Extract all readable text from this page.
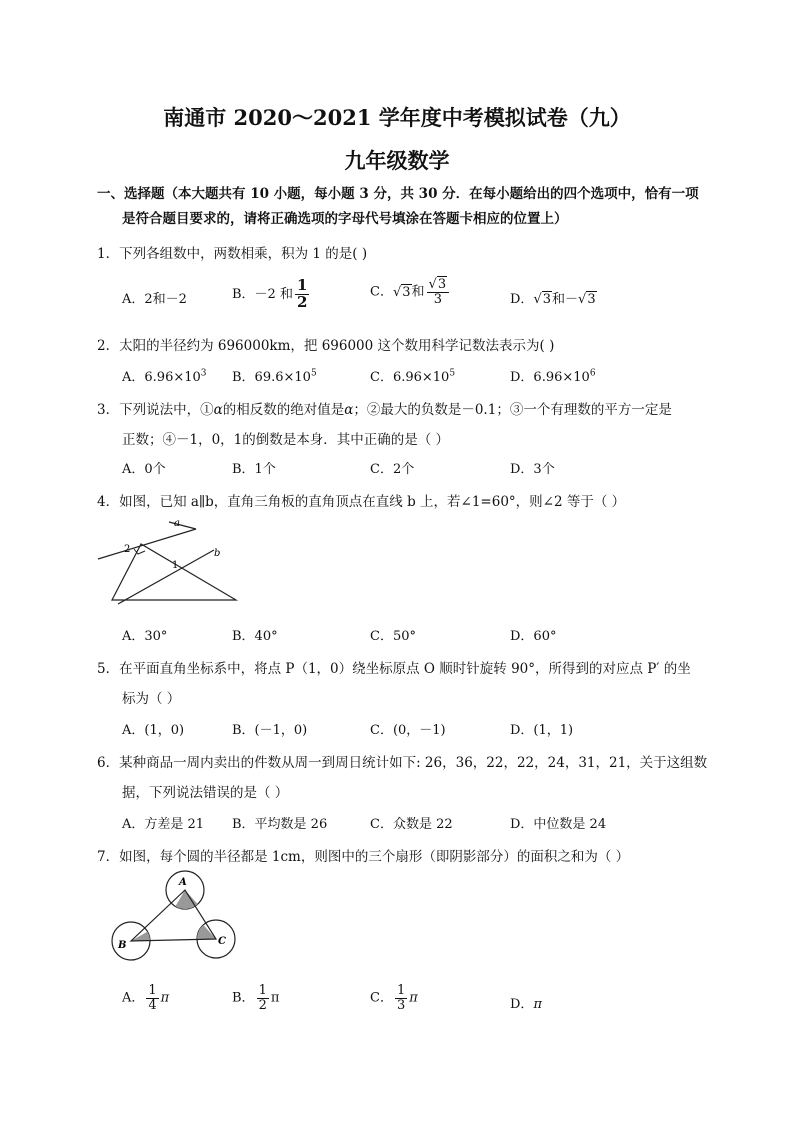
南通市 2020～2021 学年度中考模拟试卷（九）
九年级数学
一、选择题（本大题共有 10 小题，每小题 3 分，共 30 分．在每小题给出的四个选项中，恰有一项
是符合题目要求的，请将正确选项的字母代号填涂在答题卡相应的位置上）
1．下列各组数中，两数相乘，积为 1 的是( )
A．2和－2	B．－2 和 $\frac{1}{2}$	C．√3和 $\frac{√3}{3}$	D．√3和－√3
2．太阳的半径约为 696000km，把 696000 这个数用科学记数法表示为( )
A．$6.96\times 10^3$ B．$69.6\times 10^5$	C．$6.96\times 10^5$	D．$6.96\times 10^6$
3．下列说法中，①α的相反数的绝对值是α；②最大的负数是－0.1；③一个有理数的平方一定是
正数；④－1，0，1的倒数是本身．其中正确的是（ ）
A．0个	B．1个	C．2个	D．3个
4．如图，已知 a∥b，直角三角板的直角顶点在直线 b 上，若∠1=60°，则∠2 等于（ ）
a
b
2
1
A．30°	B．40°	C．50°	D．60°
5．在平面直角坐标系中，将点 P（1，0）绕坐标原点 O 顺时针旋转 90°，所得到的对应点 P′ 的坐
标为（ ）
A．(1，0)	B．(－1，0)	C．(0，－1)	D．(1，1)
6．某种商品一周内卖出的件数从周一到周日统计如下: 26，36，22，22，24，31，21，关于这组数
据，下列说法错误的是（ ）
A．方差是 21 B．平均数是 26	C．众数是 22	D．中位数是 24
7．如图，每个圆的半径都是 1cm，则图中的三个扇形（即阴影部分）的面积之和为（ ）
A
B	C
A． $\frac{1}{4}$ π	B． $\frac{1}{2}$ π	C． $\frac{1}{3}$ π	D．π
